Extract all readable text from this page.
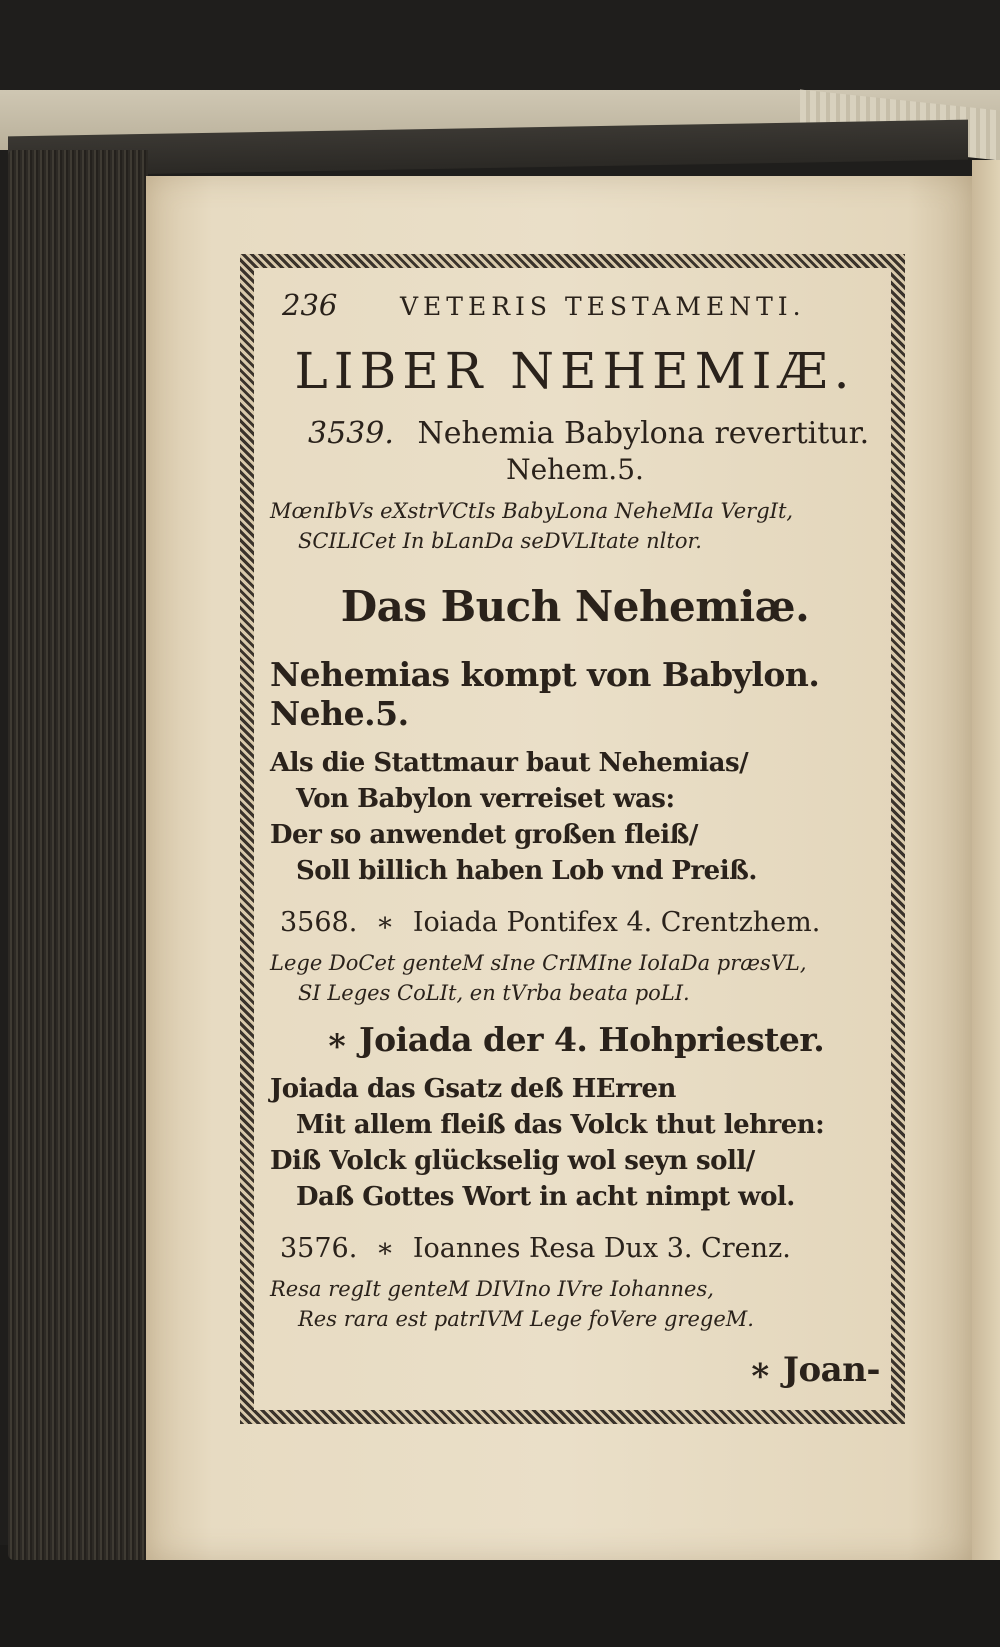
236	VETERIS TESTAMENTI.
LIBER NEHEMIÆ.
3539. Nehemia Babylona revertitur.
Nehem.5.
MœnIbVs eXstrVCtIs BabyLona NeheMIa VergIt,
SCILICet In bLanDa seDVLItate nltor.
Das Buch Nehemiæ.
Nehemias kompt von Babylon. Nehe.5.
Als die Stattmaur baut Nehemias/
Von Babylon verreiset was:
Der so anwendet großen fleiß/
Soll billich haben Lob vnd Preiß.
3568. ∗ Ioiada Pontifex 4. Crentzhem.
Lege DoCet genteM sIne CrIMIne IoIaDa præsVL,
SI Leges CoLIt, en tVrba beata poLI.
∗ Joiada der 4. Hohpriester.
Joiada das Gsatz deß HErren
Mit allem fleiß das Volck thut lehren:
Diß Volck glückselig wol seyn soll/
Daß Gottes Wort in acht nimpt wol.
3576. ∗ Ioannes Resa Dux 3. Crenz.
Resa regIt genteM DIVIno IVre Iohannes,
Res rara est patrIVM Lege foVere gregeM.
∗ Joan-
